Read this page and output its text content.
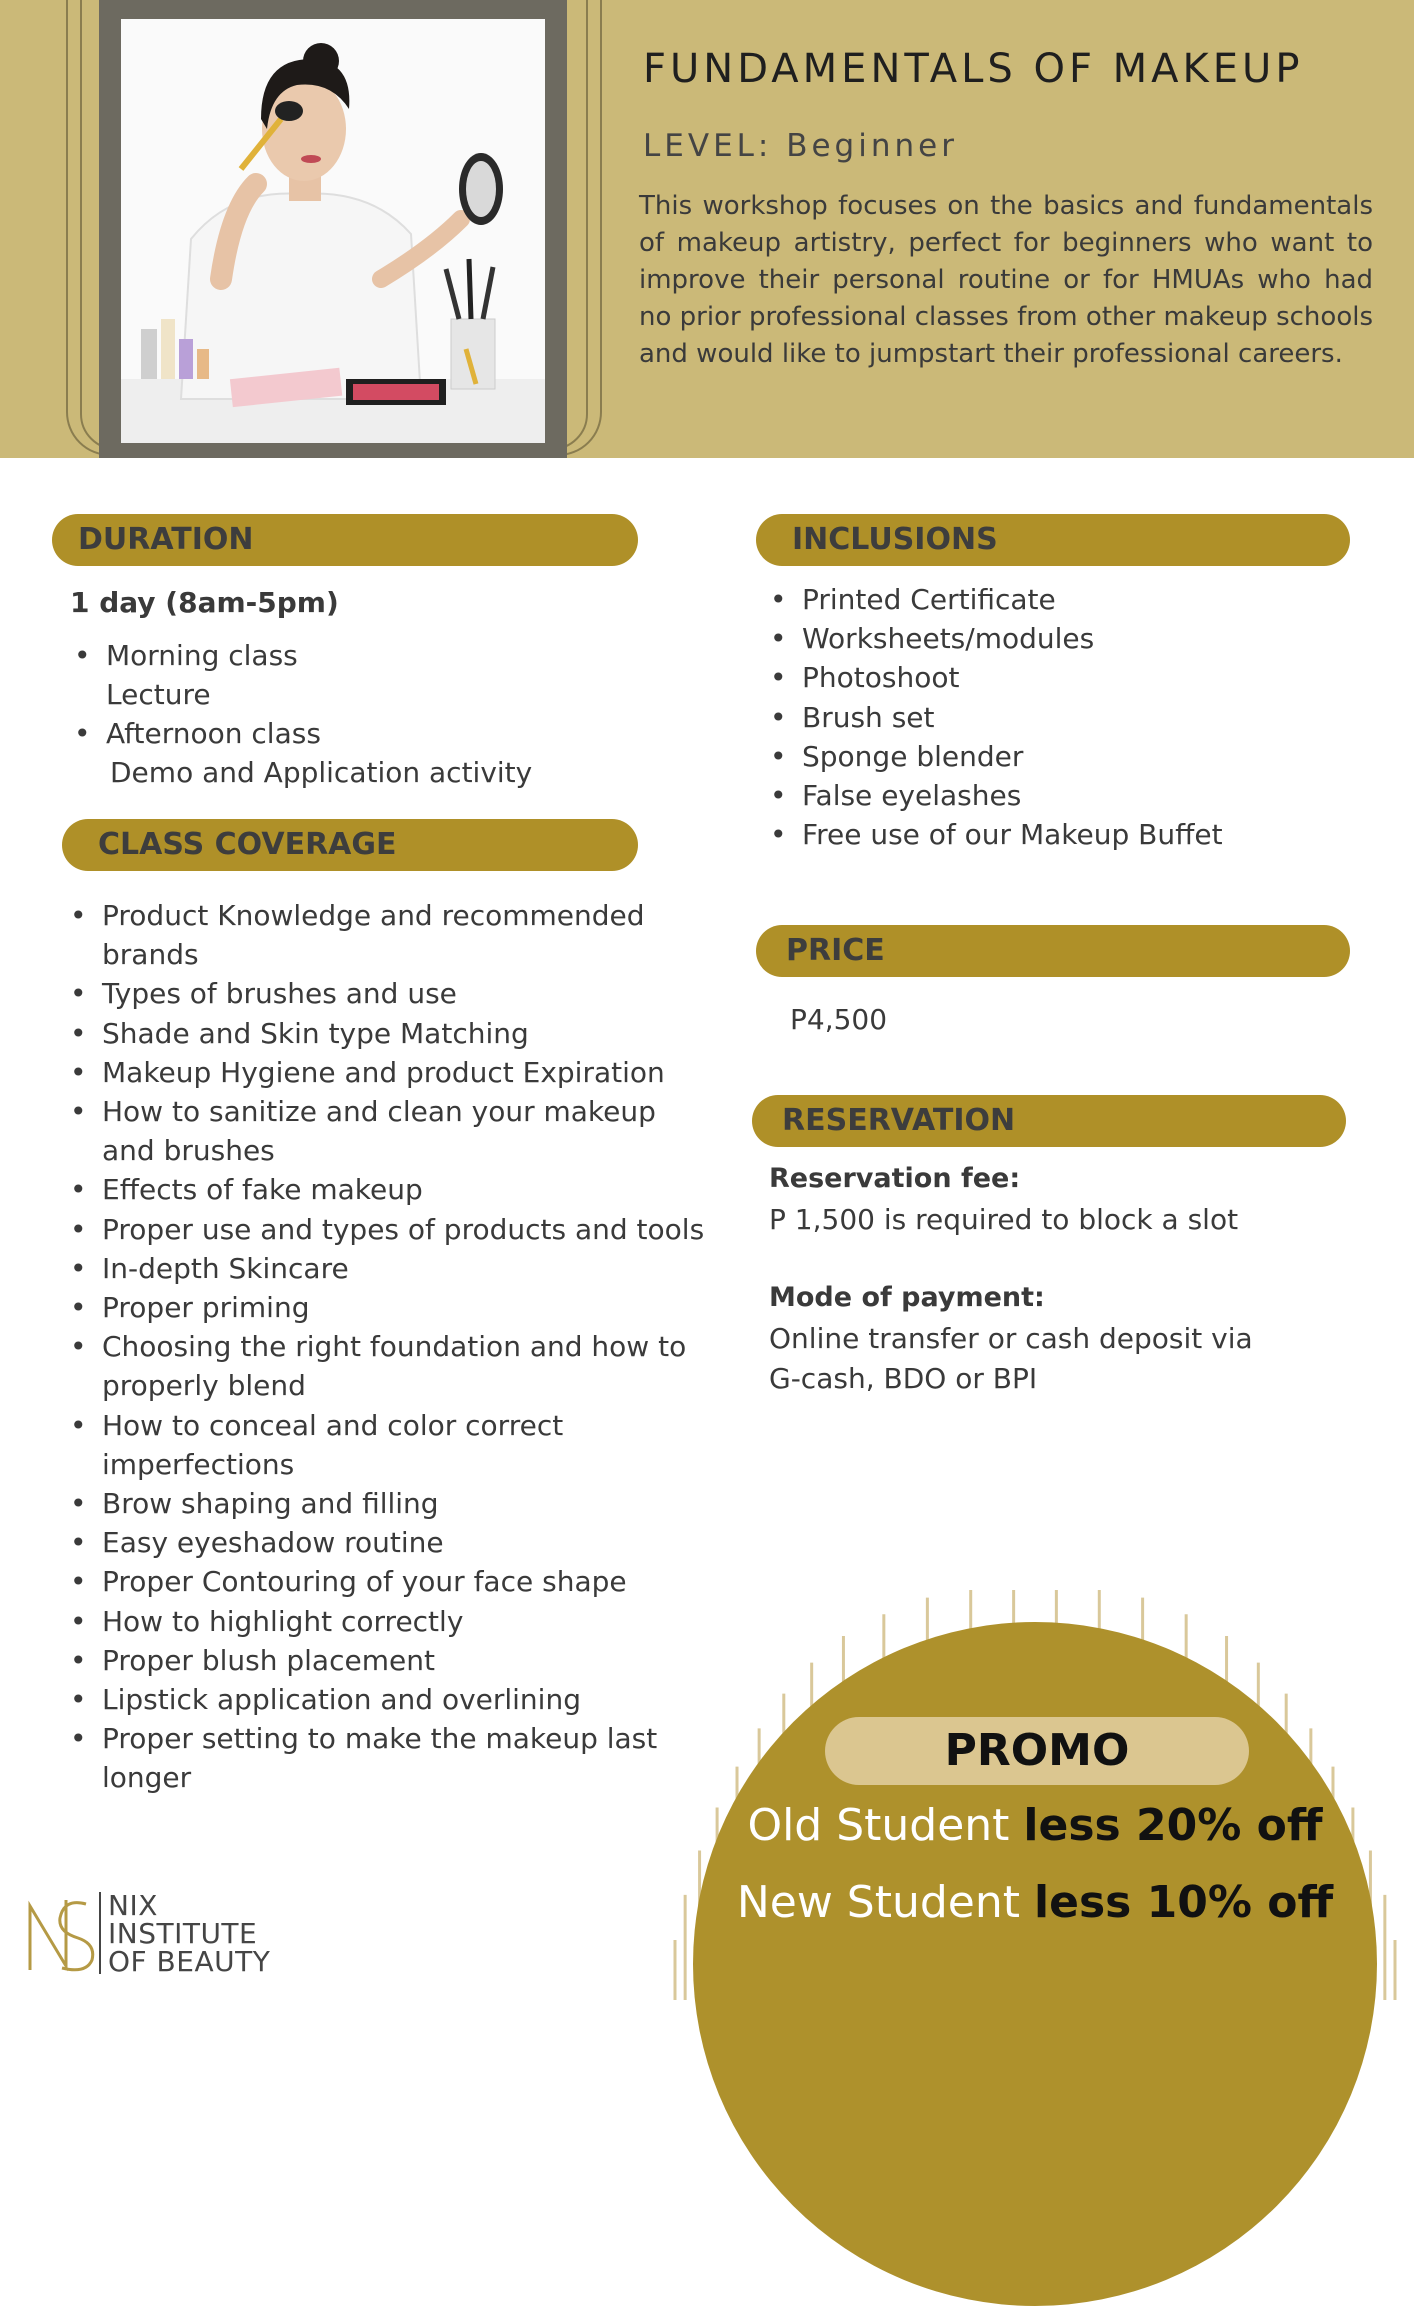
FUNDAMENTALS OF MAKEUP
LEVEL: Beginner

This workshop focuses on the basics and fundamentals of makeup artistry, perfect for beginners who want to improve their personal routine or for HMUAs who had no prior professional classes from other makeup schools and would like to jumpstart their professional careers.

DURATION
1 day (8am-5pm)
• Morning class
Lecture
• Afternoon class
Demo and Application activity
CLASS COVERAGE
• Product Knowledge and recommended brands
• Types of brushes and use
• Shade and Skin type Matching
• Makeup Hygiene and product Expiration
• How to sanitize and clean your makeup and brushes
• Effects of fake makeup
• Proper use and types of products and tools
• In-depth Skincare
• Proper priming
• Choosing the right foundation and how to properly blend
• How to conceal and color correct imperfections
• Brow shaping and filling
• Easy eyeshadow routine
• Proper Contouring of your face shape
• How to highlight correctly
• Proper blush placement
• Lipstick application and overlining
• Proper setting to make the makeup last longer
INCLUSIONS
• Printed Certificate
• Worksheets/modules
• Photoshoot
• Brush set
• Sponge blender
• False eyelashes
• Free use of our Makeup Buffet
PRICE
P4,500
RESERVATION
Reservation fee:
P 1,500 is required to block a slot
Mode of payment:
Online transfer or cash deposit via
G-cash, BDO or BPI
PROMO
Old Student less 20% off
New Student less 10% off
NIX
INSTITUTE
OF BEAUTY
